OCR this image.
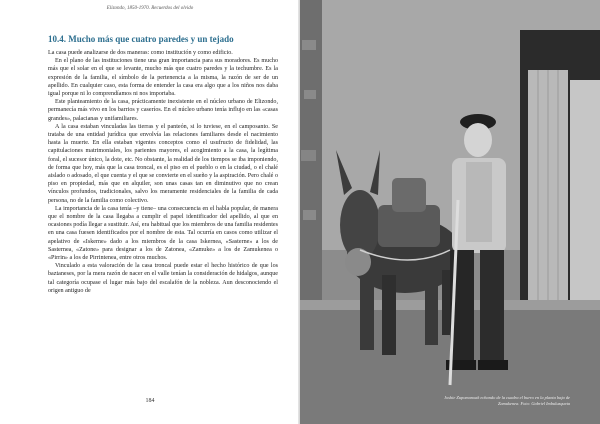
Elizondo, 1850-1970. Recuerdos del olvido
10.4. Mucho más que cuatro paredes y un tejado

La casa puede analizarse de dos maneras: como institución y como edificio.

En el plano de las instituciones tiene una gran importancia para sus moradores. Es mucho más que el solar en el que se levante, mucho más que cuatro paredes y la techumbre. Es la expresión de la familia, el símbolo de la pertenencia a la misma, la razón de ser de un apellido. En cualquier caso, esta forma de entender la casa era algo que a los niños nos daba igual porque ni lo comprendíamos ni nos importaba.

Este planteamiento de la casa, prácticamente inexistente en el núcleo urbano de Elizondo, permanecía más vivo en los barrios y caseríos. En el núcleo urbano tenía influjo en las «casas grandes», palacianas y unifamiliares.

A la casa estaban vinculadas las tierras y el panteón, si lo tuviese, en el camposanto. Se trataba de una entidad jurídica que envolvía las relaciones familiares desde el nacimiento hasta la muerte. En ella estaban vigentes conceptos como el usufructo de fidelidad, las capitulaciones matrimoniales, los parientes mayores, el acogimiento a la casa, la legítima foral, el sucesor único, la dote, etc. No obstante, la realidad de los tiempos se iba imponiendo, de forma que hoy, más que la casa troncal, es el piso en el pueblo o en la ciudad, o el chalé aislado o adosado, el que cuenta y el que se convierte en el sueño y la aspiración. Pero chalé o piso en propiedad, más que en alquiler, son unas casas tan en diminutivo que no crean vínculos profundos, tradicionales, salvo los meramente residenciales de la familia de cada persona, no de la familia como colectivo.

La importancia de la casa tenía –y tiene– una consecuencia en el habla popular, de manera que el nombre de la casa llegaba a cumplir el papel identificador del apellido, al que en ocasiones podía llegar a sustituir. Así, era habitual que los miembros de una familia residentes en una casa fuesen identificados por el nombre de esta. Tal ocurría en casos como utilizar el apelativo de «Iskerne» dado a los miembros de la casa Iskernea, «Sasterne» a los de Sasternea, «Zatone» para designar a los de Zatonea, «Zamuke» a los de Zamukenea o «Pirrin» a los de Pirrintenea, entre otros muchos.

Vinculado a esta valoración de la casa troncal puede estar el hecho histórico de que los baztaneses, por la mera razón de nacer en el valle tenían la consideración de hidalgos, aunque tal categoría ocupase el lugar más bajo del escalafón de la nobleza. Aun desconociendo el origen antiguo de

184
Joshie Zupomanoak echando de la cuadra el burro en la planta baja de Zamukenea. Foto: Gabriel Imbuluzqueta
